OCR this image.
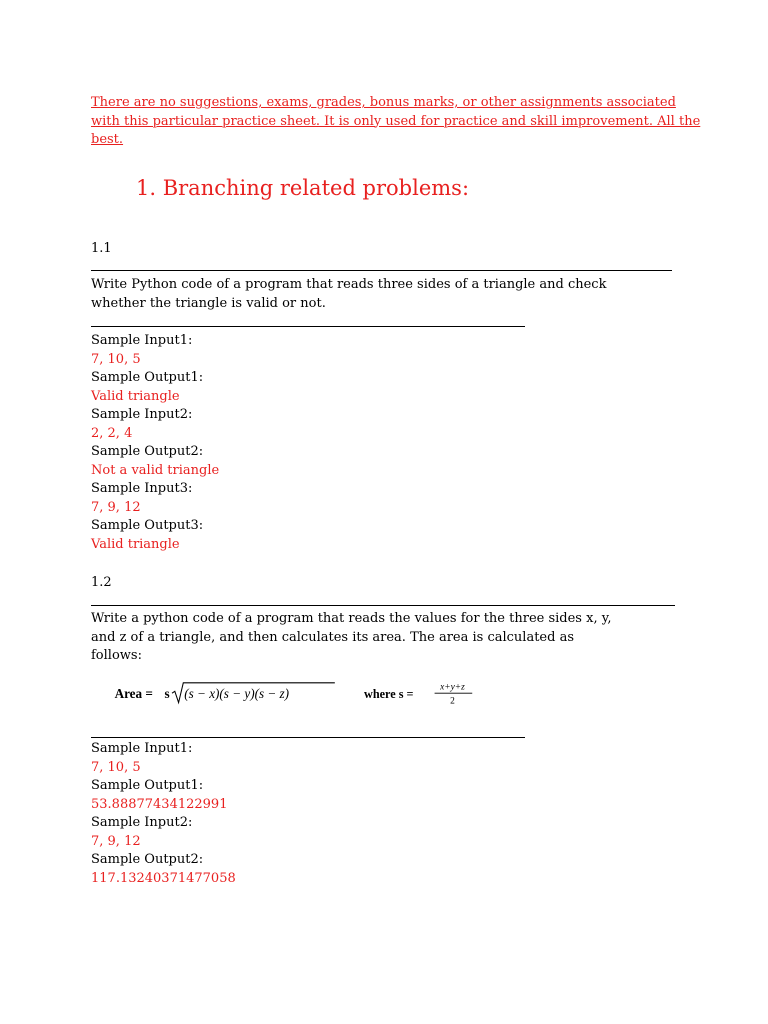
There are no suggestions, exams, grades, bonus marks, or other assignments associated
with this particular practice sheet. It is only used for practice and skill improvement. All the
best.
1. Branching related problems:
1.1
Write Python code of a program that reads three sides of a triangle and check
whether the triangle is valid or not.
Sample Input1:
7, 10, 5
Sample Output1:
Valid triangle
Sample Input2:
2, 2, 4
Sample Output2:
Not a valid triangle
Sample Input3:
7, 9, 12
Sample Output3:
Valid triangle
1.2
Write a python code of a program that reads the values for the three sides x, y,
and z of a triangle, and then calculates its area. The area is calculated as
follows:
Area = s (s − x)(s − y)(s − z)	where s =	x+y+z
2
Sample Input1:
7, 10, 5
Sample Output1:
53.88877434122991
Sample Input2:
7, 9, 12
Sample Output2:
117.13240371477058
